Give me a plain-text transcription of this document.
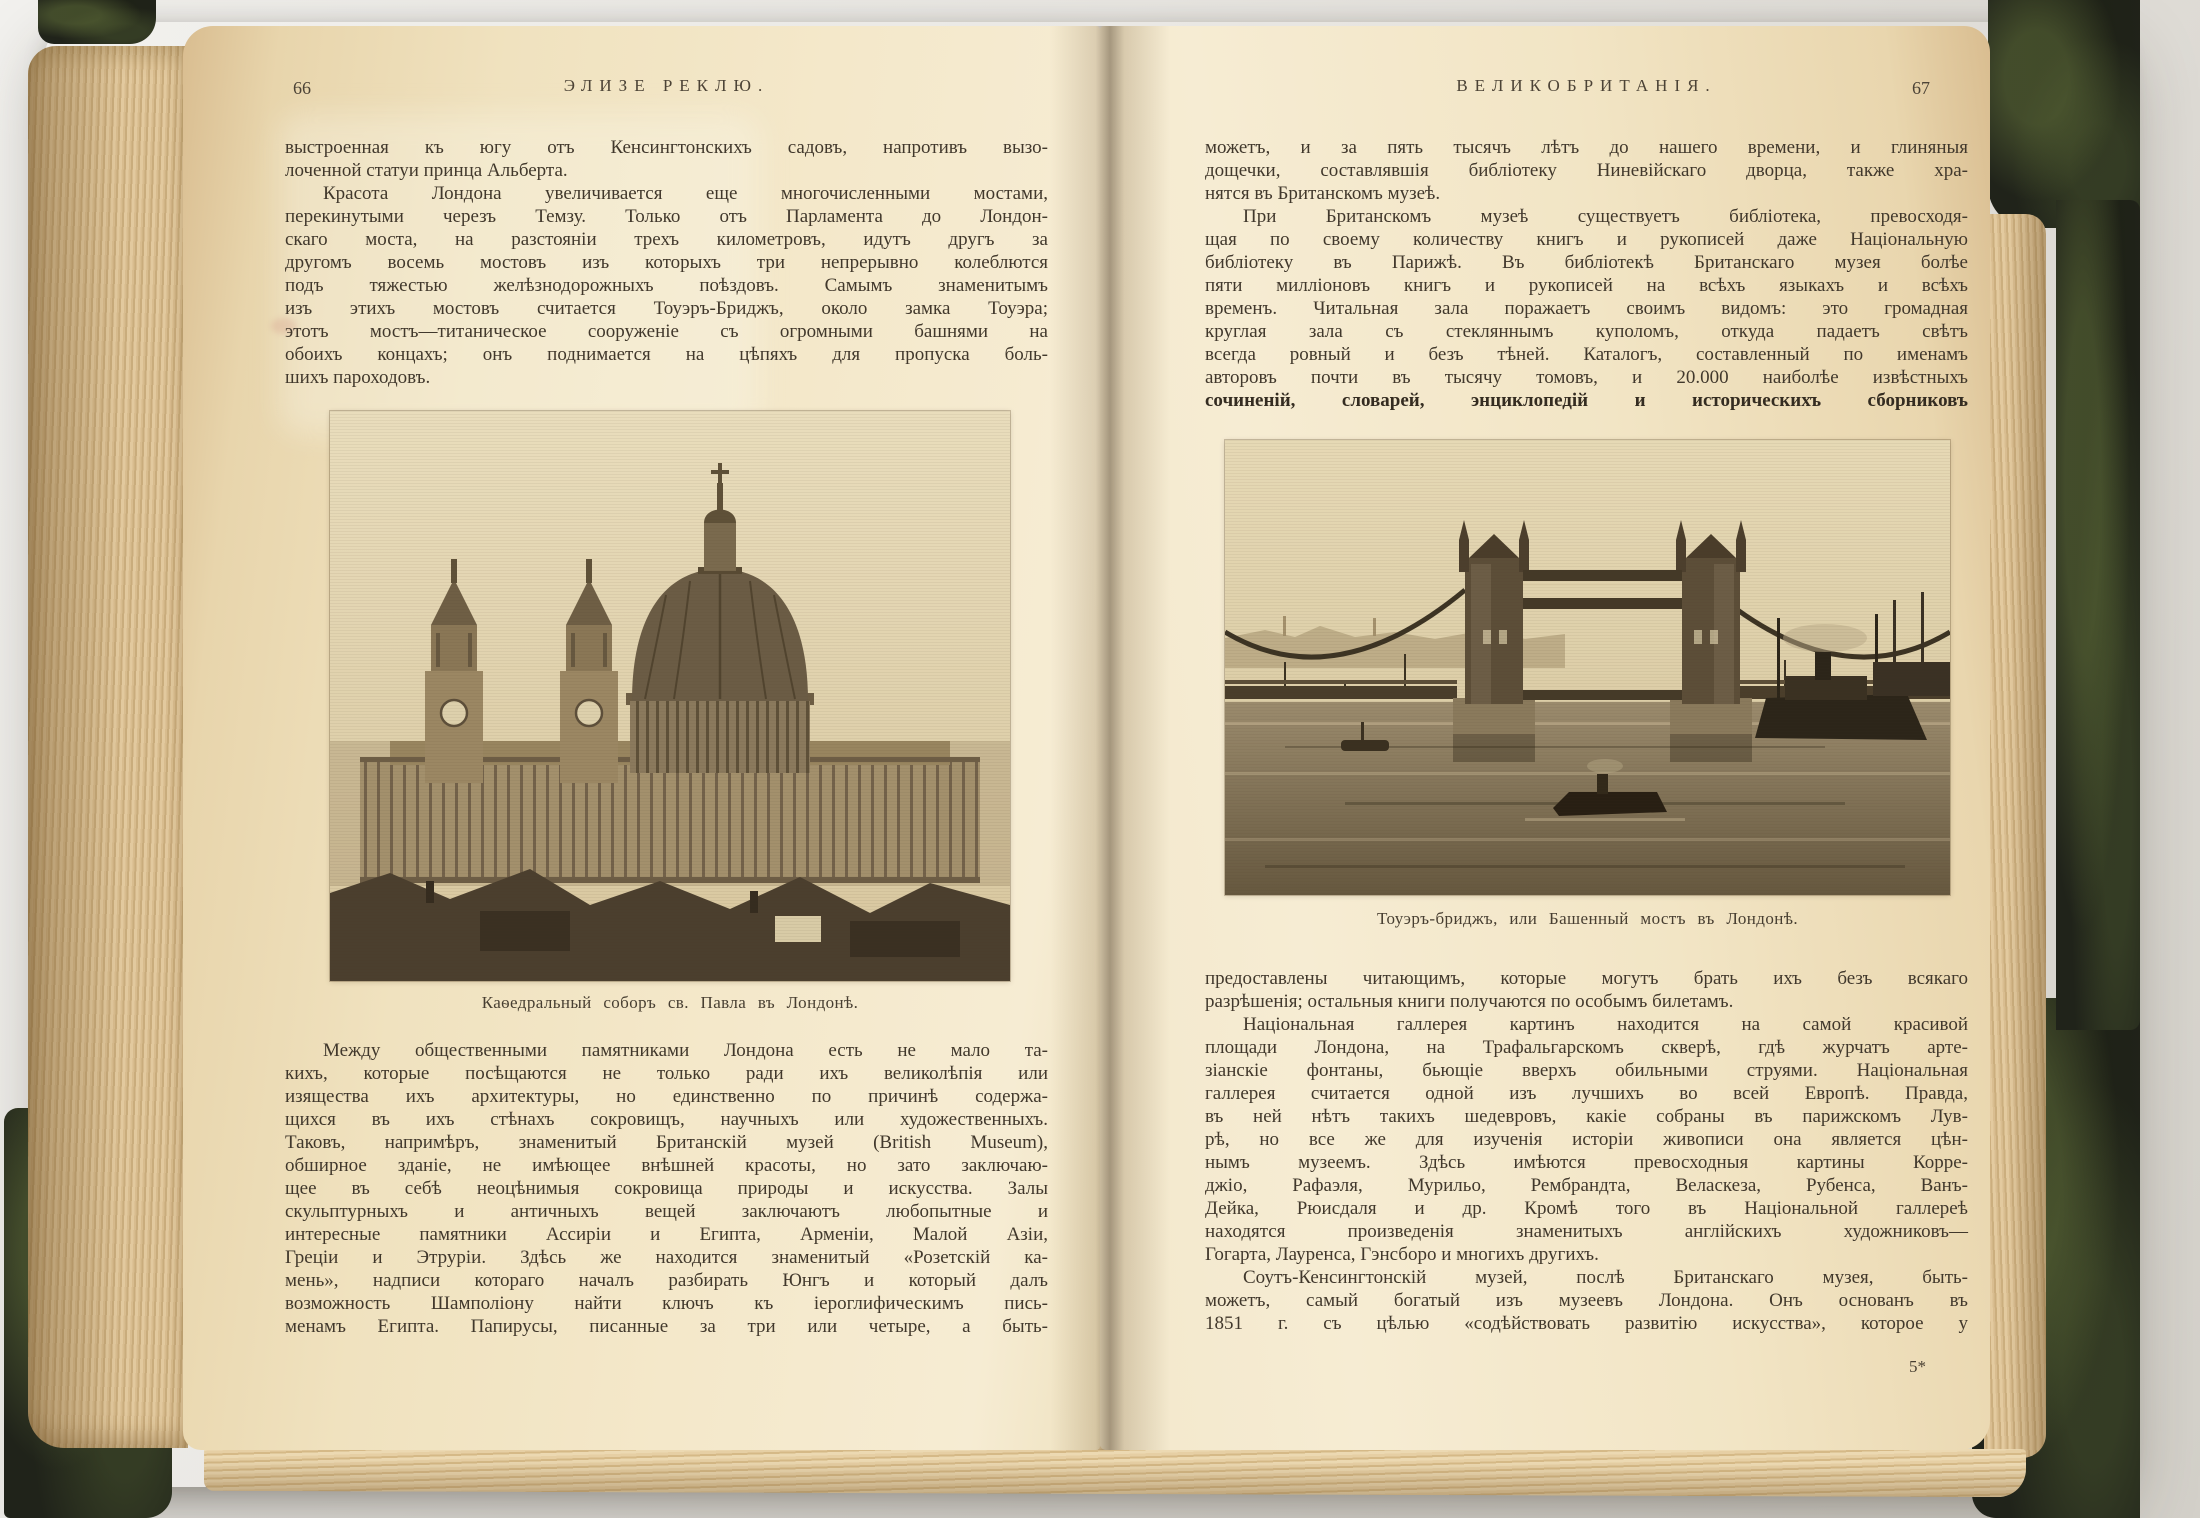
66	ЭЛИЗЕ РЕКЛЮ.
выстроенная къ югу отъ Кенсингтонскихъ садовъ, напротивъ вызо-
лоченной статуи принца Альберта.
Красота Лондона увеличивается еще многочисленными мостами,
перекинутыми черезъ Темзу. Только отъ Парламента до Лондон-
скаго моста, на разстояніи трехъ километровъ, идутъ другъ за
другомъ восемь мостовъ изъ которыхъ три непрерывно колеблются
подъ тяжестью желѣзнодорожныхъ поѣздовъ. Самымъ знаменитымъ
изъ этихъ мостовъ считается Тоуэръ-Бриджъ, около замка Тоуэра;
этотъ мостъ—титаническое сооруженіе съ огромными башнями на
обоихъ концахъ; онъ поднимается на цѣпяхъ для пропуска боль-
шихъ пароходовъ.
Каѳедральный соборъ св. Павла въ Лондонѣ.
Между общественными памятниками Лондона есть не мало та-
кихъ, которые посѣщаются не только ради ихъ великолѣпія или
изящества ихъ архитектуры, но единственно по причинѣ содержа-
щихся въ ихъ стѣнахъ сокровищъ, научныхъ или художественныхъ.
Таковъ, напримѣръ, знаменитый Британскій музей (British Museum),
обширное зданіе, не имѣющее внѣшней красоты, но зато заключаю-
щее въ себѣ неоцѣнимыя сокровища природы и искусства. Залы
скульптурныхъ и античныхъ вещей заключаютъ любопытные и
интересные памятники Ассиріи и Египта, Арменіи, Малой Азіи,
Греціи и Этруріи. Здѣсь же находится знаменитый «Розетскій ка-
мень», надписи котораго началъ разбирать Юнгъ и который далъ
возможность Шамполіону найти ключъ къ іероглифическимъ пись-
менамъ Египта. Папирусы, писанные за три или четыре, а быть-
67
ВЕЛИКОБРИТАНІЯ.
можетъ, и за пять тысячъ лѣтъ до нашего времени, и глиняныя
дощечки, составлявшія библіотеку Ниневійскаго дворца, также хра-
нятся въ Британскомъ музеѣ.
При Британскомъ музеѣ существуетъ библіотека, превосходя-
щая по своему количеству книгъ и рукописей даже Національную
библіотеку въ Парижѣ. Въ библіотекѣ Британскаго музея болѣе
пяти милліоновъ книгъ и рукописей на всѣхъ языкахъ и всѣхъ
временъ. Читальная зала поражаетъ своимъ видомъ: это громадная
круглая зала съ стекляннымъ куполомъ, откуда падаетъ свѣтъ
всегда ровный и безъ тѣней. Каталогъ, составленный по именамъ
авторовъ почти въ тысячу томовъ, и 20.000 наиболѣе извѣстныхъ
сочиненій, словарей, энциклопедій и историческихъ сборниковъ
Тоуэръ-бриджъ, или Башенный мостъ въ Лондонѣ.
предоставлены читающимъ, которые могутъ брать ихъ безъ всякаго
разрѣшенія; остальныя книги получаются по особымъ билетамъ.
Національная галлерея картинъ находится на самой красивой
площади Лондона, на Трафальгарскомъ скверѣ, гдѣ журчатъ арте-
зіанскіе фонтаны, бьющіе вверхъ обильными струями. Національная
галлерея считается одной изъ лучшихъ во всей Европѣ. Правда,
въ ней нѣтъ такихъ шедевровъ, какіе собраны въ парижскомъ Лув-
рѣ, но все же для изученія исторіи живописи она является цѣн-
нымъ музеемъ. Здѣсь имѣются превосходныя картины Корре-
джіо, Рафаэля, Мурильо, Рембрандта, Веласкеза, Рубенса, Ванъ-
Дейка, Рюисдаля и др. Кромѣ того въ Національной галлереѣ
находятся произведенія знаменитыхъ англійскихъ художниковъ—
Гогарта, Лауренса, Гэнсборо и многихъ другихъ.
Соутъ-Кенсингтонскій музей, послѣ Британскаго музея, быть-
можетъ, самый богатый изъ музеевъ Лондона. Онъ основанъ въ
1851 г. съ цѣлью «содѣйствовать развитію искусства», которое у
5*
